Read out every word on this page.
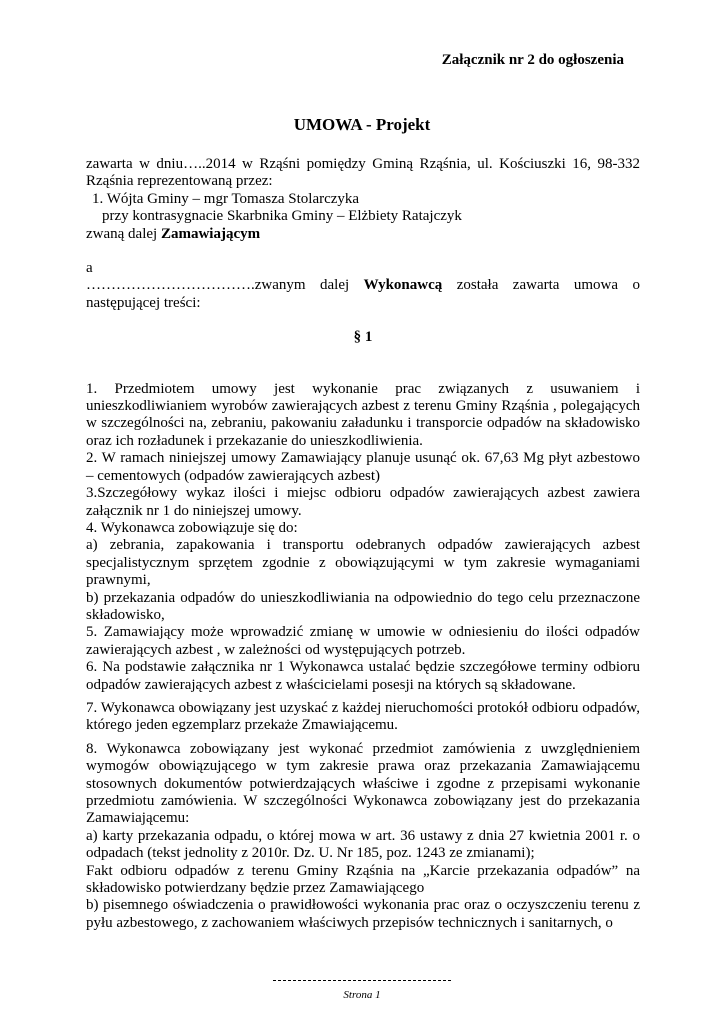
Załącznik nr 2 do ogłoszenia
UMOWA - Projekt

zawarta w dniu…..2014 w Rząśni pomiędzy Gminą Rząśnia, ul. Kościuszki 16, 98-332

Rząśnia reprezentowaną przez:

1. Wójta Gminy – mgr Tomasza Stolarczyka

przy kontrasygnacie Skarbnika Gminy – Elżbiety Ratajczyk

zwaną dalej Zamawiającym

a

…………………………….zwanym dalej Wykonawcą została zawarta umowa o

następującej treści:

§ 1

1. Przedmiotem umowy jest wykonanie prac związanych z usuwaniem i unieszkodliwianiem wyrobów zawierających azbest z terenu Gminy Rząśnia , polegających w szczególności na, zebraniu, pakowaniu załadunku i transporcie odpadów na składowisko oraz ich rozładunek i przekazanie do unieszkodliwienia.

2. W ramach niniejszej umowy Zamawiający planuje usunąć ok. 67,63 Mg płyt azbestowo – cementowych (odpadów zawierających azbest)

3.Szczegółowy wykaz ilości i miejsc odbioru odpadów zawierających azbest zawiera załącznik nr 1 do niniejszej umowy.

4. Wykonawca zobowiązuje się do:

a) zebrania, zapakowania i transportu odebranych odpadów zawierających azbest specjalistycznym sprzętem zgodnie z obowiązującymi w tym zakresie wymaganiami prawnymi,

b) przekazania odpadów do unieszkodliwiania na odpowiednio do tego celu przeznaczone składowisko,

5. Zamawiający może wprowadzić zmianę w umowie w odniesieniu do ilości odpadów zawierających azbest , w zależności od występujących potrzeb.

6. Na podstawie załącznika nr 1 Wykonawca ustalać będzie szczegółowe terminy odbioru odpadów zawierających azbest z właścicielami posesji na których są składowane.

7. Wykonawca obowiązany jest uzyskać z każdej nieruchomości protokół odbioru odpadów, którego jeden egzemplarz przekaże Zmawiającemu.

8. Wykonawca zobowiązany jest wykonać przedmiot zamówienia z uwzględnieniem wymogów obowiązującego w tym zakresie prawa oraz przekazania Zamawiającemu stosownych dokumentów potwierdzających właściwe i zgodne z przepisami wykonanie przedmiotu zamówienia. W szczególności Wykonawca zobowiązany jest do przekazania Zamawiającemu:

a) karty przekazania odpadu, o której mowa w art. 36 ustawy z dnia 27 kwietnia 2001 r. o odpadach (tekst jednolity z 2010r. Dz. U. Nr 185, poz. 1243 ze zmianami);

Fakt odbioru odpadów z terenu Gminy Rząśnia na „Karcie przekazania odpadów” na składowisko potwierdzany będzie przez Zamawiającego

b) pisemnego oświadczenia o prawidłowości wykonania prac oraz o oczyszczeniu terenu z pyłu azbestowego, z zachowaniem właściwych przepisów technicznych i sanitarnych, o

Strona 1
